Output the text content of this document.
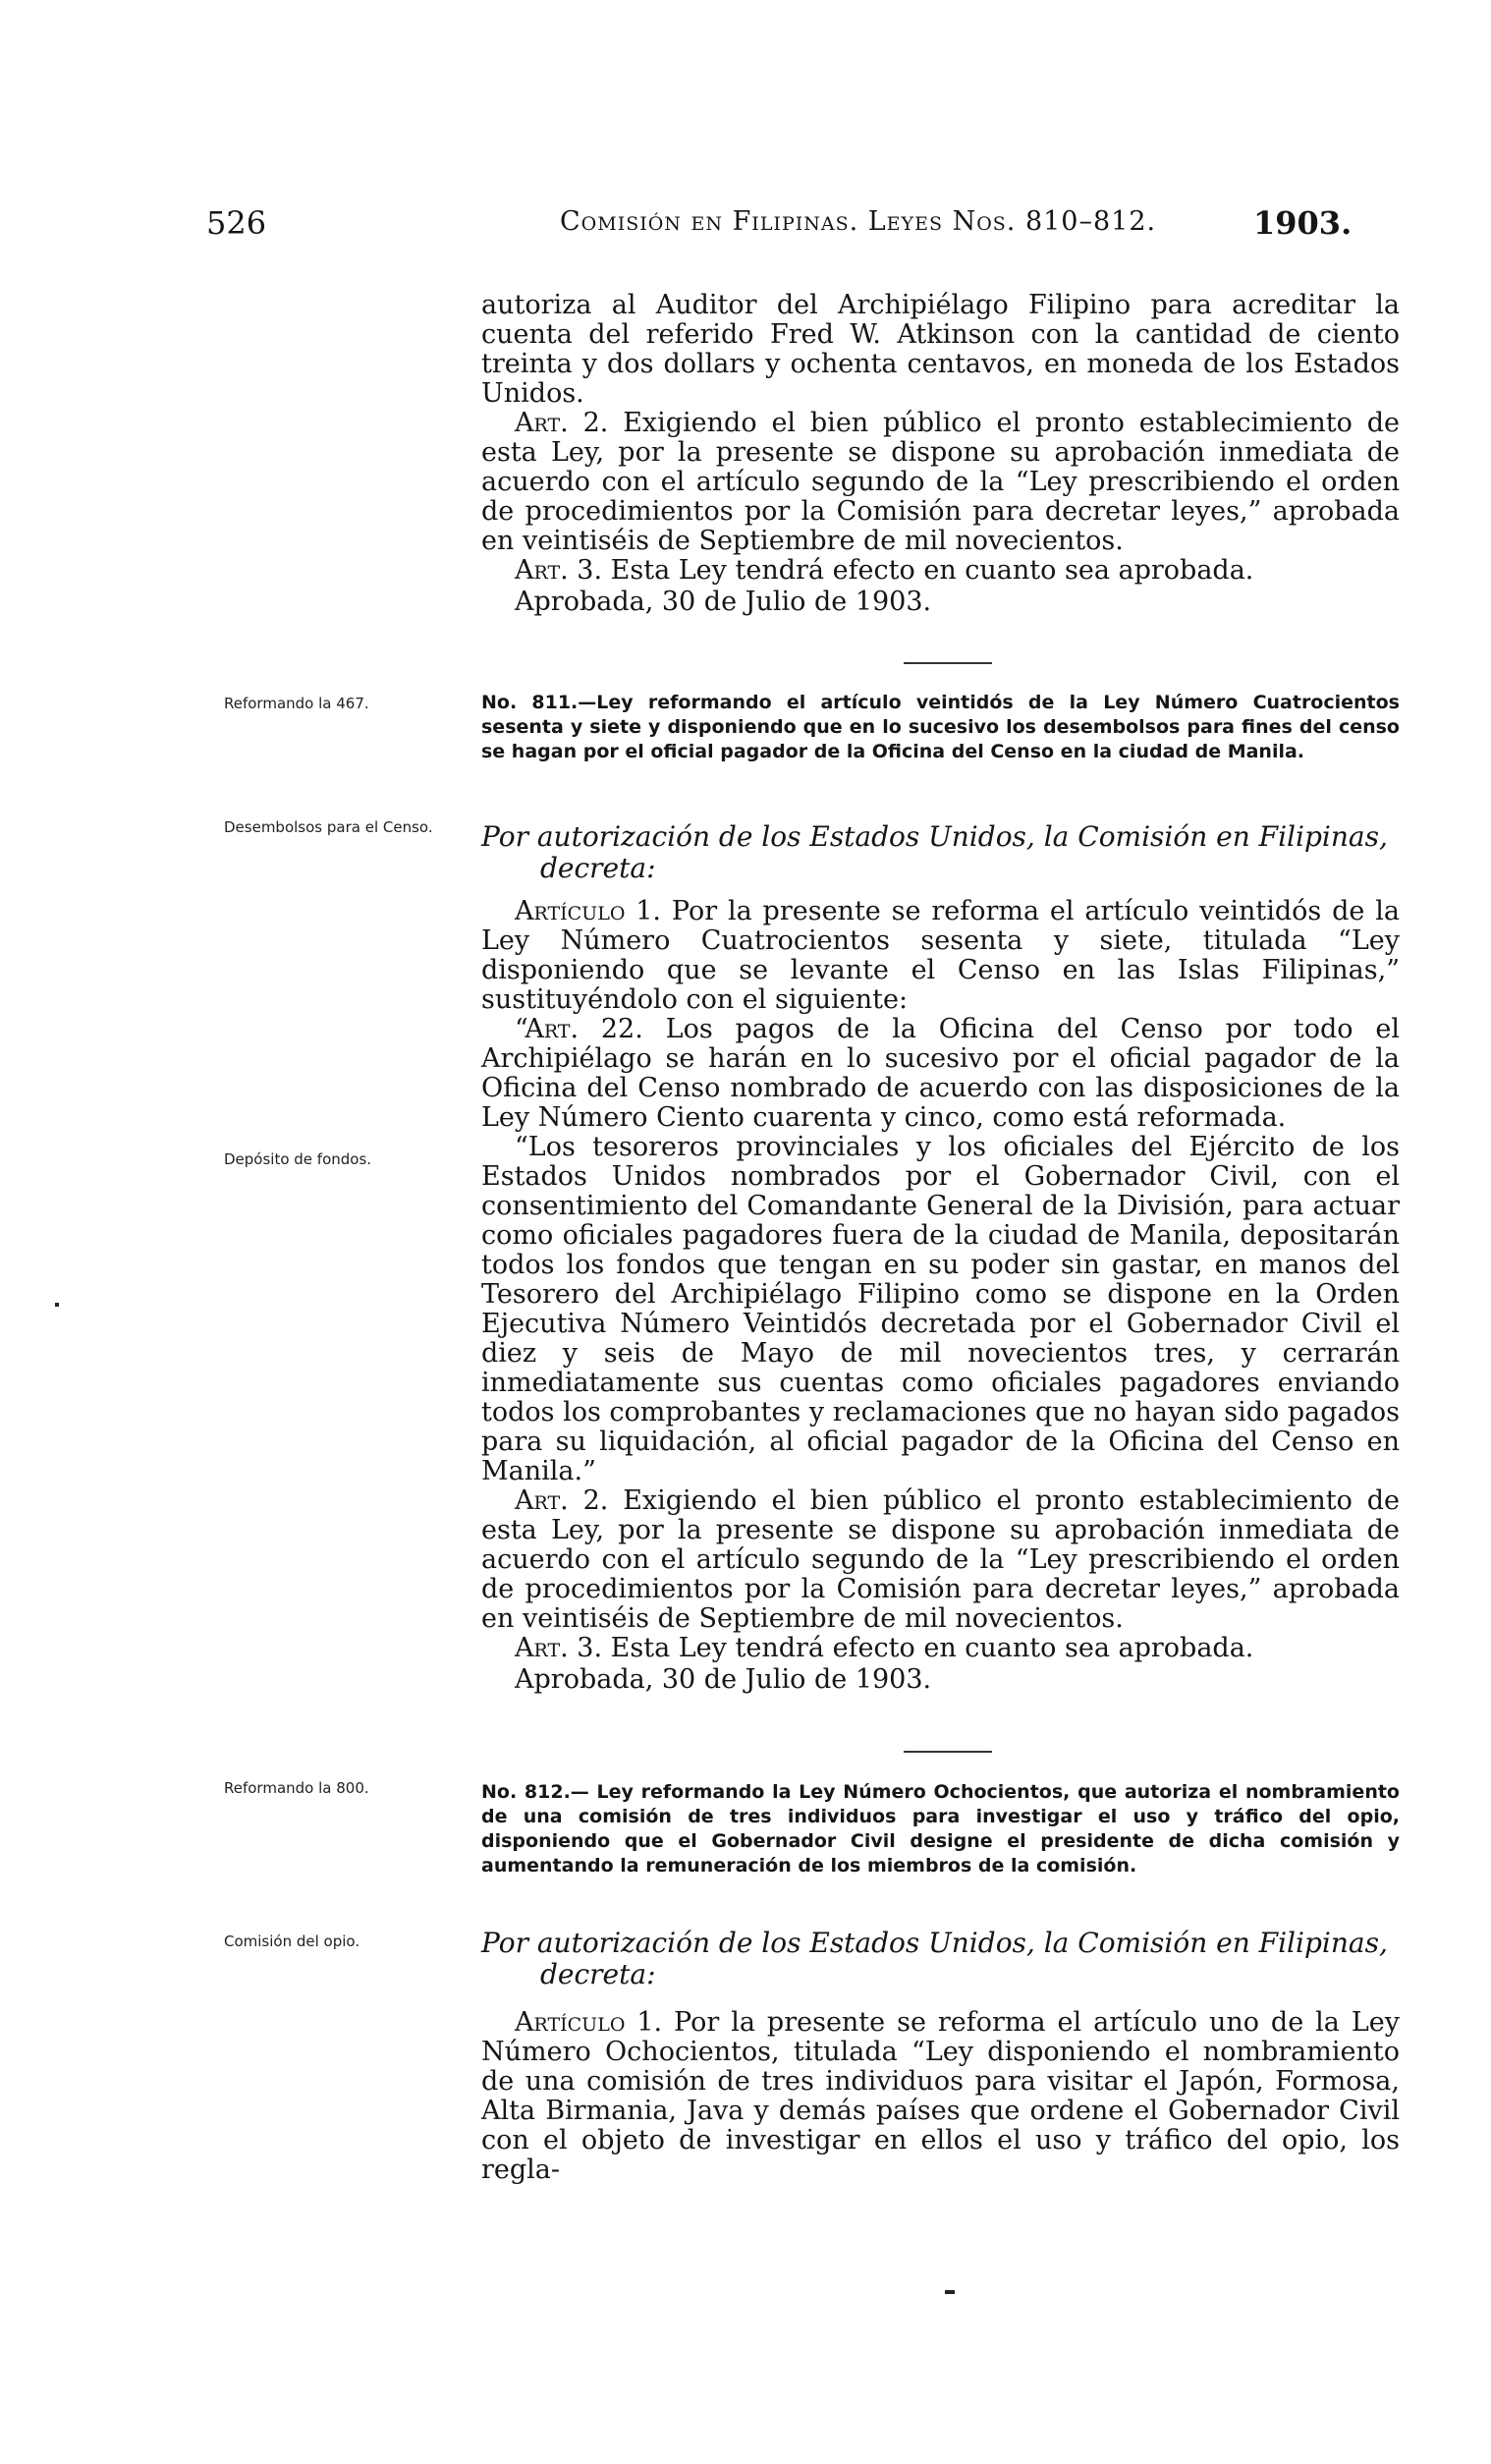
526	Comisión en Filipinas. Leyes Nos. 810–812.	1903.

autoriza al Auditor del Archipiélago Filipino para acreditar la cuenta del referido Fred W. Atkinson con la cantidad de ciento treinta y dos dollars y ochenta centavos, en moneda de los Estados Unidos.

Art. 2. Exigiendo el bien público el pronto establecimiento de esta Ley, por la presente se dispone su aprobación inmediata de acuerdo con el artículo segundo de la “Ley prescribiendo el orden de procedimientos por la Comisión para decretar leyes,” aprobada en veintiséis de Septiembre de mil novecientos.

Art. 3. Esta Ley tendrá efecto en cuanto sea aprobada.

Aprobada, 30 de Julio de 1903.

Reformando la 467.	No. 811.—Ley reformando el artículo veintidós de la Ley Número Cuatrocientos sesenta y siete y disponiendo que en lo sucesivo los desembolsos para fines del censo se hagan por el oficial pagador de la Oficina del Censo en la ciudad de Manila.

Desembolsos para el Censo.	Por autorización de los Estados Unidos, la Comisión en Filipinas,
decreta:

Artículo 1. Por la presente se reforma el artículo veintidós de la Ley Número Cuatrocientos sesenta y siete, titulada “Ley disponiendo que se levante el Censo en las Islas Filipinas,” sustituyéndolo con el siguiente:

“Art. 22. Los pagos de la Oficina del Censo por todo el Archipiélago se harán en lo sucesivo por el oficial pagador de la Oficina del Censo nombrado de acuerdo con las disposiciones de la Ley Número Ciento cuarenta y cinco, como está reformada.

“Los tesoreros provinciales y los oficiales del Ejército de los Estados Unidos nombrados por el Gobernador Civil, con el consentimiento del Comandante General de la División, para actuar como oficiales pagadores fuera de la ciudad de Manila, depositarán todos los fondos que tengan en su poder sin gastar, en manos del Tesorero del Archipiélago Filipino como se dispone en la Orden Ejecutiva Número Veintidós decretada por el Gobernador Civil el diez y seis de Mayo de mil novecientos tres, y cerrarán inmediatamente sus cuentas como oficiales pagadores enviando todos los comprobantes y reclamaciones que no hayan sido pagados para su liquidación, al oficial pagador de la Oficina del Censo en Manila.”

Art. 2. Exigiendo el bien público el pronto establecimiento de esta Ley, por la presente se dispone su aprobación inmediata de acuerdo con el artículo segundo de la “Ley prescribiendo el orden de procedimientos por la Comisión para decretar leyes,” aprobada en veintiséis de Septiembre de mil novecientos.

Art. 3. Esta Ley tendrá efecto en cuanto sea aprobada.

Aprobada, 30 de Julio de 1903.

Depósito de fondos.
Reformando la 800.	No. 812.— Ley reformando la Ley Número Ochocientos, que autoriza el nombramiento de una comisión de tres individuos para investigar el uso y tráfico del opio, disponiendo que el Gobernador Civil designe el presidente de dicha comisión y aumentando la remuneración de los miembros de la comisión.

Comisión del opio.	Por autorización de los Estados Unidos, la Comisión en Filipinas,
decreta:

Artículo 1. Por la presente se reforma el artículo uno de la Ley Número Ochocientos, titulada “Ley disponiendo el nombramiento de una comisión de tres individuos para visitar el Japón, Formosa, Alta Birmania, Java y demás países que ordene el Gobernador Civil con el objeto de investigar en ellos el uso y tráfico del opio, los regla-
